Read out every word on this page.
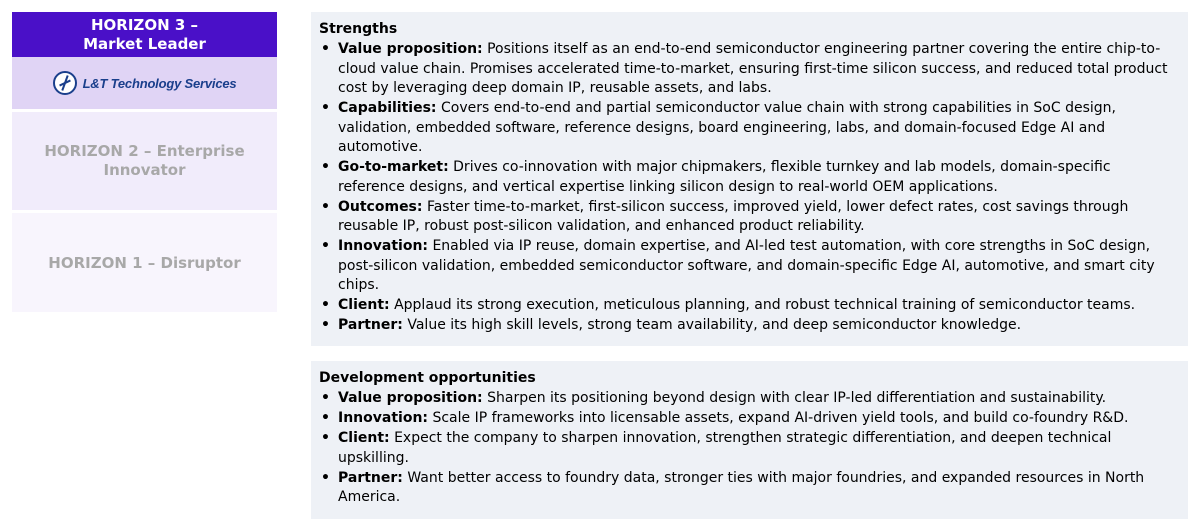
HORIZON 3 –
Market Leader
L&T Technology Services
HORIZON 2 – Enterprise
Innovator
HORIZON 1 – Disruptor
Strengths
• Value proposition: Positions itself as an end-to-end semiconductor engineering partner covering the entire chip-to-cloud value chain. Promises accelerated time-to-market, ensuring first-time silicon success, and reduced total product cost by leveraging deep domain IP, reusable assets, and labs.
• Capabilities: Covers end-to-end and partial semiconductor value chain with strong capabilities in SoC design, validation, embedded software, reference designs, board engineering, labs, and domain-focused Edge AI and automotive.
• Go-to-market: Drives co-innovation with major chipmakers, flexible turnkey and lab models, domain-specific reference designs, and vertical expertise linking silicon design to real-world OEM applications.
• Outcomes: Faster time-to-market, first-silicon success, improved yield, lower defect rates, cost savings through reusable IP, robust post-silicon validation, and enhanced product reliability.
• Innovation: Enabled via IP reuse, domain expertise, and AI-led test automation, with core strengths in SoC design, post-silicon validation, embedded semiconductor software, and domain-specific Edge AI, automotive, and smart city chips.
• Client: Applaud its strong execution, meticulous planning, and robust technical training of semiconductor teams.
• Partner: Value its high skill levels, strong team availability, and deep semiconductor knowledge.
Development opportunities
• Value proposition: Sharpen its positioning beyond design with clear IP-led differentiation and sustainability.
• Innovation: Scale IP frameworks into licensable assets, expand AI-driven yield tools, and build co-foundry R&D.
• Client: Expect the company to sharpen innovation, strengthen strategic differentiation, and deepen technical upskilling.
• Partner: Want better access to foundry data, stronger ties with major foundries, and expanded resources in North America.
